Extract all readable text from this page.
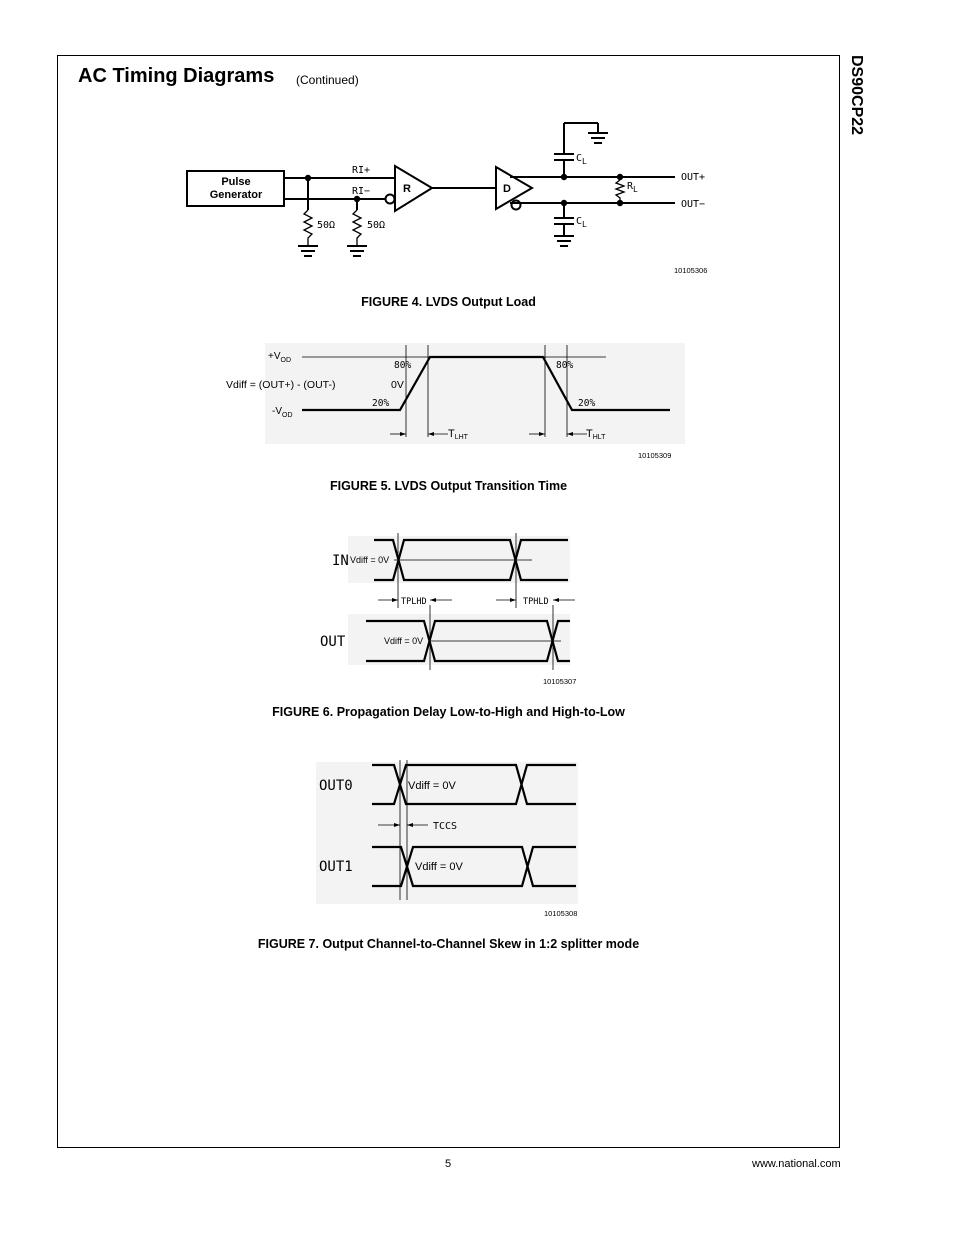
AC Timing Diagrams (Continued)	DS90CP22
Pulse Generator	R	D
RI+
RI−
50Ω	50Ω
$C_L$
$C_L$
$R_L$
OUT+
OUT−
10105306
FIGURE 4. LVDS Output Load
$+V_{OD}$
Vdiff = (OUT+) - (OUT-)	0V
$-V_{OD}$
80%
20%
80%
20%
TLHT	THLT
10105309
FIGURE 5. LVDS Output Transition Time
IN
OUT
Vdiff = 0V
Vdiff = 0V
TPLHD	TPHLD
10105307
FIGURE 6. Propagation Delay Low-to-High and High-to-Low
OUT0
OUT1
Vdiff = 0V
Vdiff = 0V
TCCS
10105308
FIGURE 7. Output Channel-to-Channel Skew in 1:2 splitter mode
5	www.national.com
